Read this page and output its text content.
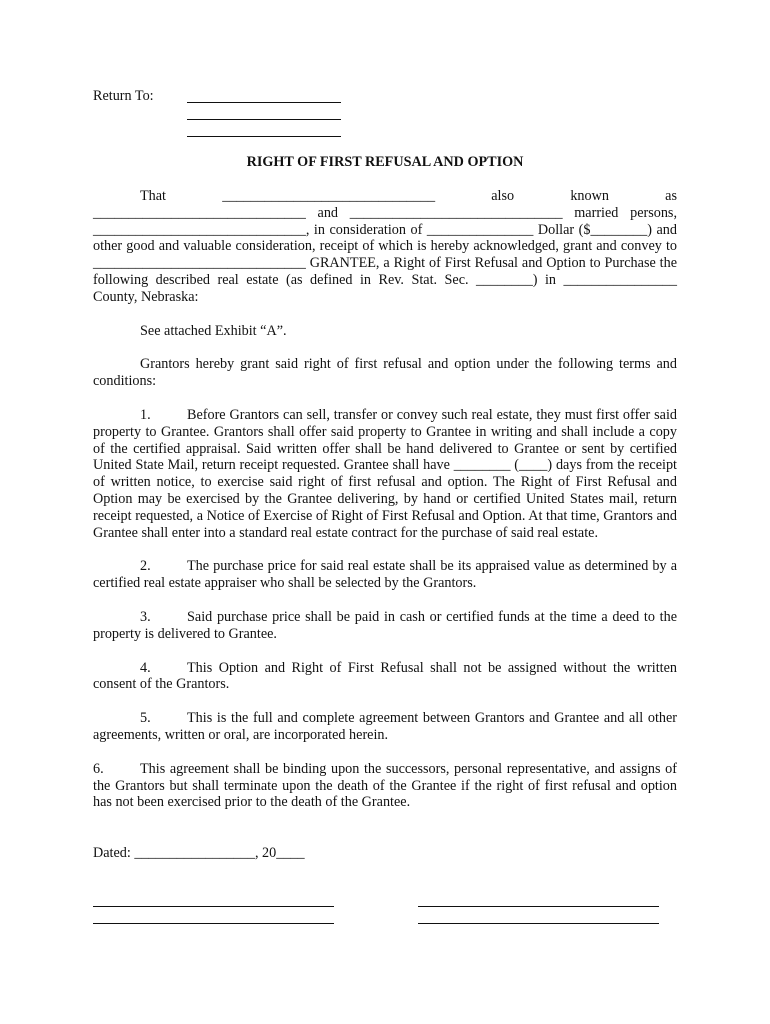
Return To:
RIGHT OF FIRST REFUSAL AND OPTION

That ______________________________ also known as ______________________________ and ______________________________ married persons, ______________________________, in consideration of _______________ Dollar ($________) and other good and valuable consideration, receipt of which is hereby acknowledged, grant and convey to ______________________________ GRANTEE, a Right of First Refusal and Option to Purchase the following described real estate (as defined in Rev. Stat. Sec. ________) in ________________ County, Nebraska:

See attached Exhibit “A”.

Grantors hereby grant said right of first refusal and option under the following terms and conditions:

1.	Before Grantors can sell, transfer or convey such real estate, they must first offer said property to Grantee. Grantors shall offer said property to Grantee in writing and shall include a copy of the certified appraisal. Said written offer shall be hand delivered to Grantee or sent by certified United State Mail, return receipt requested. Grantee shall have ________ (____) days from the receipt of written notice, to exercise said right of first refusal and option. The Right of First Refusal and Option may be exercised by the Grantee delivering, by hand or certified United States mail, return receipt requested, a Notice of Exercise of Right of First Refusal and Option. At that time, Grantors and Grantee shall enter into a standard real estate contract for the purchase of said real estate.

2.	The purchase price for said real estate shall be its appraised value as determined by a certified real estate appraiser who shall be selected by the Grantors.

3.	Said purchase price shall be paid in cash or certified funds at the time a deed to the property is delivered to Grantee.

4.	This Option and Right of First Refusal shall not be assigned without the written consent of the Grantors.

5.	This is the full and complete agreement between Grantors and Grantee and all other agreements, written or oral, are incorporated herein.

6.	This agreement shall be binding upon the successors, personal representative, and assigns of the Grantors but shall terminate upon the death of the Grantee if the right of first refusal and option has not been exercised prior to the death of the Grantee.

Dated: _________________, 20____
